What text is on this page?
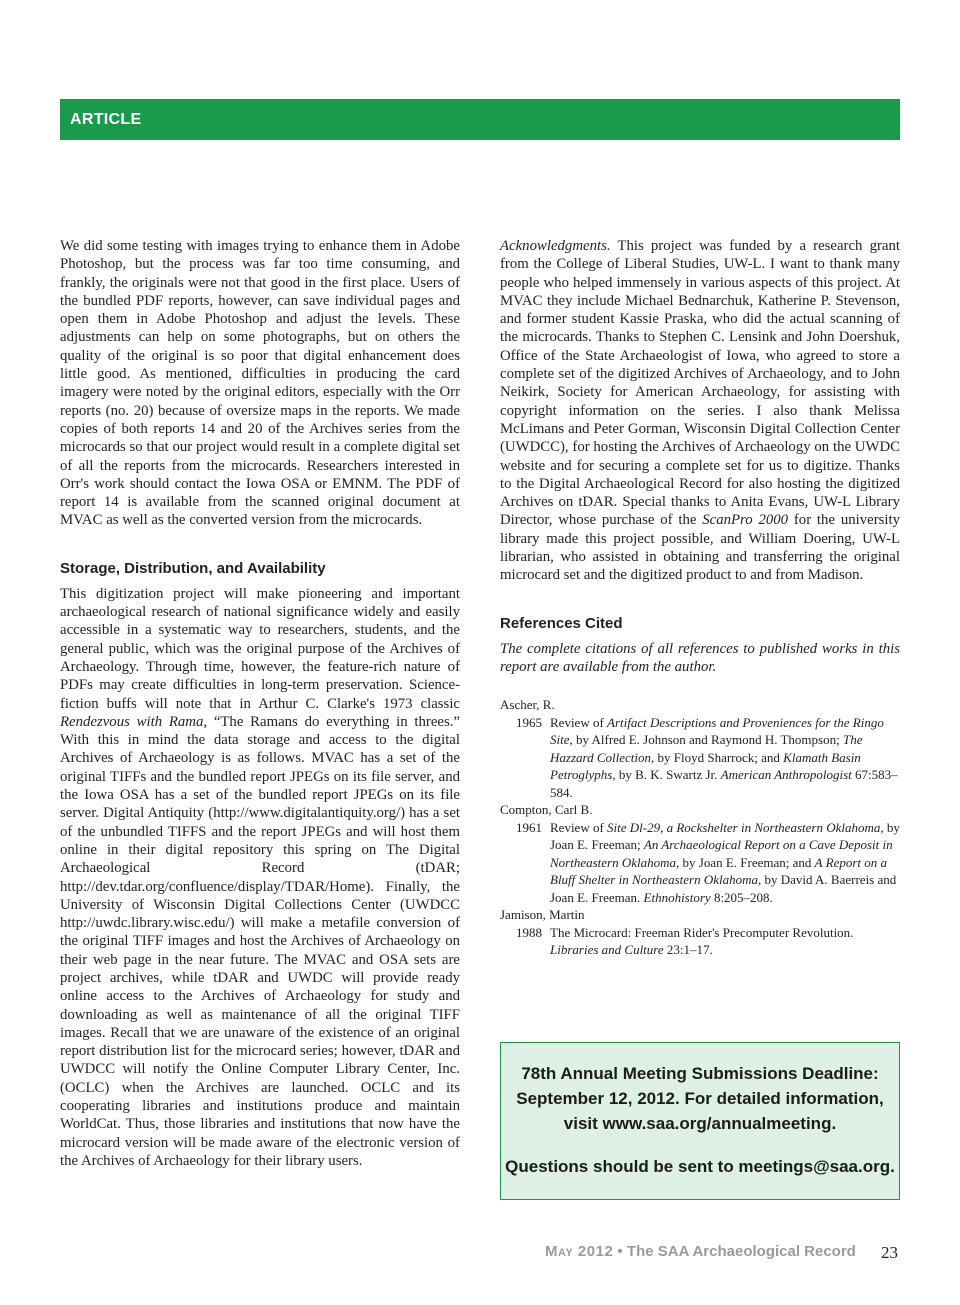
ARTICLE

We did some testing with images trying to enhance them in Adobe Photoshop, but the process was far too time consuming, and frankly, the originals were not that good in the first place. Users of the bundled PDF reports, however, can save individual pages and open them in Adobe Photoshop and adjust the levels. These adjustments can help on some photographs, but on others the quality of the original is so poor that digital enhancement does little good. As mentioned, difficulties in producing the card imagery were noted by the original editors, especially with the Orr reports (no. 20) because of oversize maps in the reports. We made copies of both reports 14 and 20 of the Archives series from the microcards so that our project would result in a complete digital set of all the reports from the microcards. Researchers interested in Orr's work should contact the Iowa OSA or EMNM. The PDF of report 14 is available from the scanned original document at MVAC as well as the converted version from the microcards.

Storage, Distribution, and Availability

This digitization project will make pioneering and important archaeological research of national significance widely and easily accessible in a systematic way to researchers, students, and the general public, which was the original purpose of the Archives of Archaeology. Through time, however, the feature-rich nature of PDFs may create difficulties in long-term preservation. Science-fiction buffs will note that in Arthur C. Clarke's 1973 classic Rendezvous with Rama, “The Ramans do everything in threes.” With this in mind the data storage and access to the digital Archives of Archaeology is as follows. MVAC has a set of the original TIFFs and the bundled report JPEGs on its file server, and the Iowa OSA has a set of the bundled report JPEGs on its file server. Digital Antiquity (http://www.digitalantiquity.org/) has a set of the unbundled TIFFS and the report JPEGs and will host them online in their digital repository this spring on The Digital Archaeological Record (tDAR; http://dev.tdar.org/confluence/display/TDAR/Home). Finally, the University of Wisconsin Digital Collections Center (UWDCC http://uwdc.library.wisc.edu/) will make a metafile conversion of the original TIFF images and host the Archives of Archaeology on their web page in the near future. The MVAC and OSA sets are project archives, while tDAR and UWDC will provide ready online access to the Archives of Archaeology for study and downloading as well as maintenance of all the original TIFF images. Recall that we are unaware of the existence of an original report distribution list for the microcard series; however, tDAR and UWDCC will notify the Online Computer Library Center, Inc. (OCLC) when the Archives are launched. OCLC and its cooperating libraries and institutions produce and maintain WorldCat. Thus, those libraries and institutions that now have the microcard version will be made aware of the electronic version of the Archives of Archaeology for their library users.

Acknowledgments. This project was funded by a research grant from the College of Liberal Studies, UW-L. I want to thank many people who helped immensely in various aspects of this project. At MVAC they include Michael Bednarchuk, Katherine P. Stevenson, and former student Kassie Praska, who did the actual scanning of the microcards. Thanks to Stephen C. Lensink and John Doershuk, Office of the State Archaeologist of Iowa, who agreed to store a complete set of the digitized Archives of Archaeology, and to John Neikirk, Society for American Archaeology, for assisting with copyright information on the series. I also thank Melissa McLimans and Peter Gorman, Wisconsin Digital Collection Center (UWDCC), for hosting the Archives of Archaeology on the UWDC website and for securing a complete set for us to digitize. Thanks to the Digital Archaeological Record for also hosting the digitized Archives on tDAR. Special thanks to Anita Evans, UW-L Library Director, whose purchase of the ScanPro 2000 for the university library made this project possible, and William Doering, UW-L librarian, who assisted in obtaining and transferring the original microcard set and the digitized product to and from Madison.

References Cited

The complete citations of all references to published works in this report are available from the author.

Ascher, R.
1965 Review of Artifact Descriptions and Proveniences for the Ringo Site, by Alfred E. Johnson and Raymond H. Thompson; The Hazzard Collection, by Floyd Sharrock; and Klamath Basin Petroglyphs, by B. K. Swartz Jr. American Anthropologist 67:583–584.
Compton, Carl B.
1961 Review of Site Dl-29, a Rockshelter in Northeastern Oklahoma, by Joan E. Freeman; An Archaeological Report on a Cave Deposit in Northeastern Oklahoma, by Joan E. Freeman; and A Report on a Bluff Shelter in Northeastern Oklahoma, by David A. Baerreis and Joan E. Freeman. Ethnohistory 8:205–208.
Jamison, Martin
1988 The Microcard: Freeman Rider's Precomputer Revolution. Libraries and Culture 23:1–17.
78th Annual Meeting Submissions Deadline:
September 12, 2012. For detailed information,
visit www.saa.org/annualmeeting.
Questions should be sent to meetings@saa.org.
May 2012 • The SAA Archaeological Record 23
